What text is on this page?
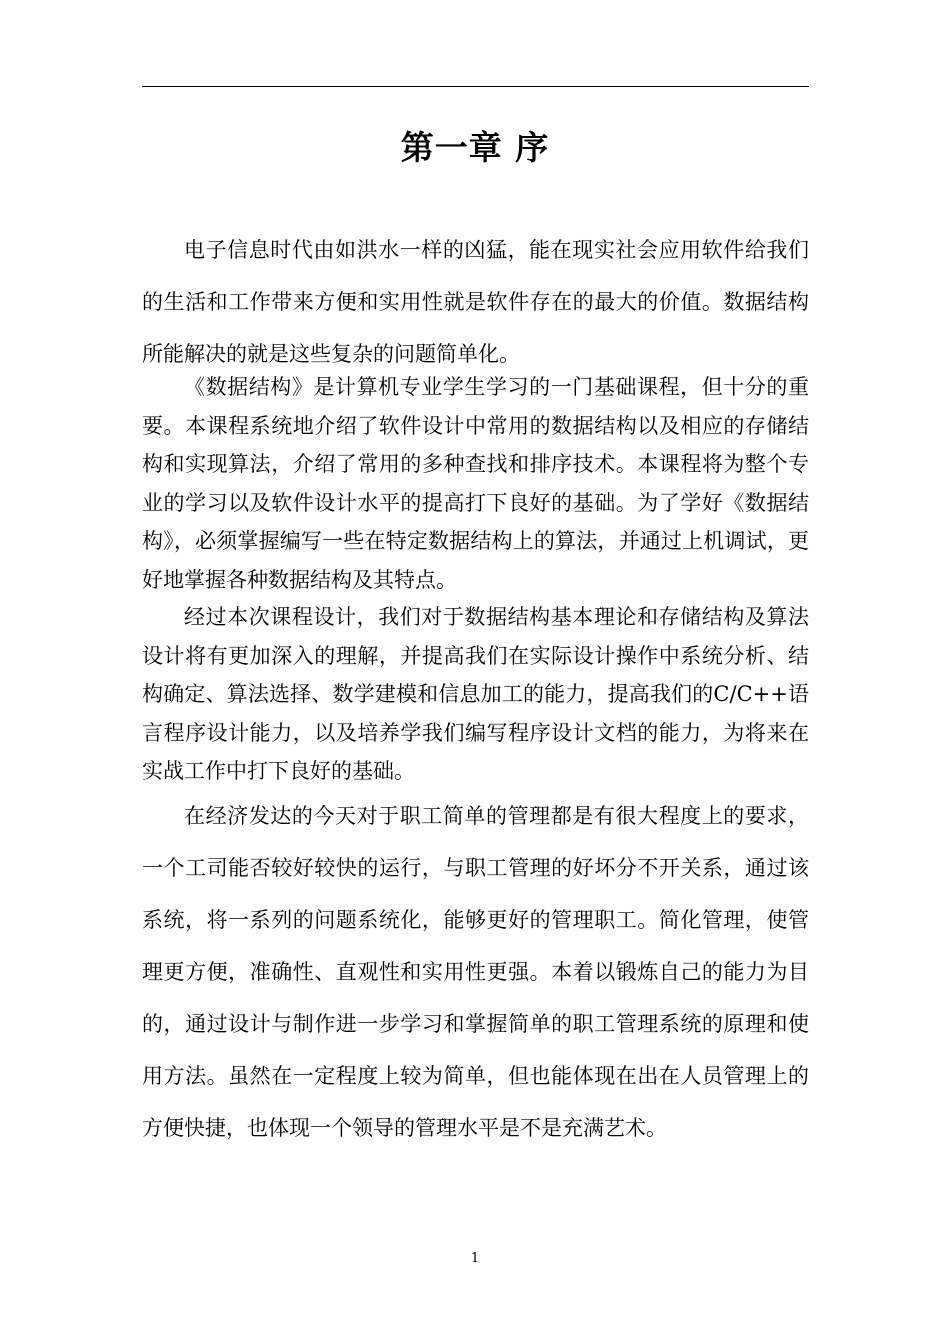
第一章 序

电子信息时代由如洪水一样的凶猛，能在现实社会应用软件给我们的生活和工作带来方便和实用性就是软件存在的最大的价值。数据结构所能解决的就是这些复杂的问题简单化。

《数据结构》是计算机专业学生学习的一门基础课程，但十分的重要。本课程系统地介绍了软件设计中常用的数据结构以及相应的存储结构和实现算法，介绍了常用的多种查找和排序技术。本课程将为整个专业的学习以及软件设计水平的提高打下良好的基础。为了学好《数据结构》，必须掌握编写一些在特定数据结构上的算法，并通过上机调试，更好地掌握各种数据结构及其特点。

经过本次课程设计，我们对于数据结构基本理论和存储结构及算法设计将有更加深入的理解，并提高我们在实际设计操作中系统分析、结构确定、算法选择、数学建模和信息加工的能力，提高我们的C/C++语言程序设计能力，以及培养学我们编写程序设计文档的能力，为将来在实战工作中打下良好的基础。

在经济发达的今天对于职工简单的管理都是有很大程度上的要求，一个工司能否较好较快的运行，与职工管理的好坏分不开关系，通过该系统，将一系列的问题系统化，能够更好的管理职工。简化管理，使管理更方便，准确性、直观性和实用性更强。本着以锻炼自己的能力为目的，通过设计与制作进一步学习和掌握简单的职工管理系统的原理和使用方法。虽然在一定程度上较为简单，但也能体现在出在人员管理上的方便快捷，也体现一个领导的管理水平是不是充满艺术。

1
